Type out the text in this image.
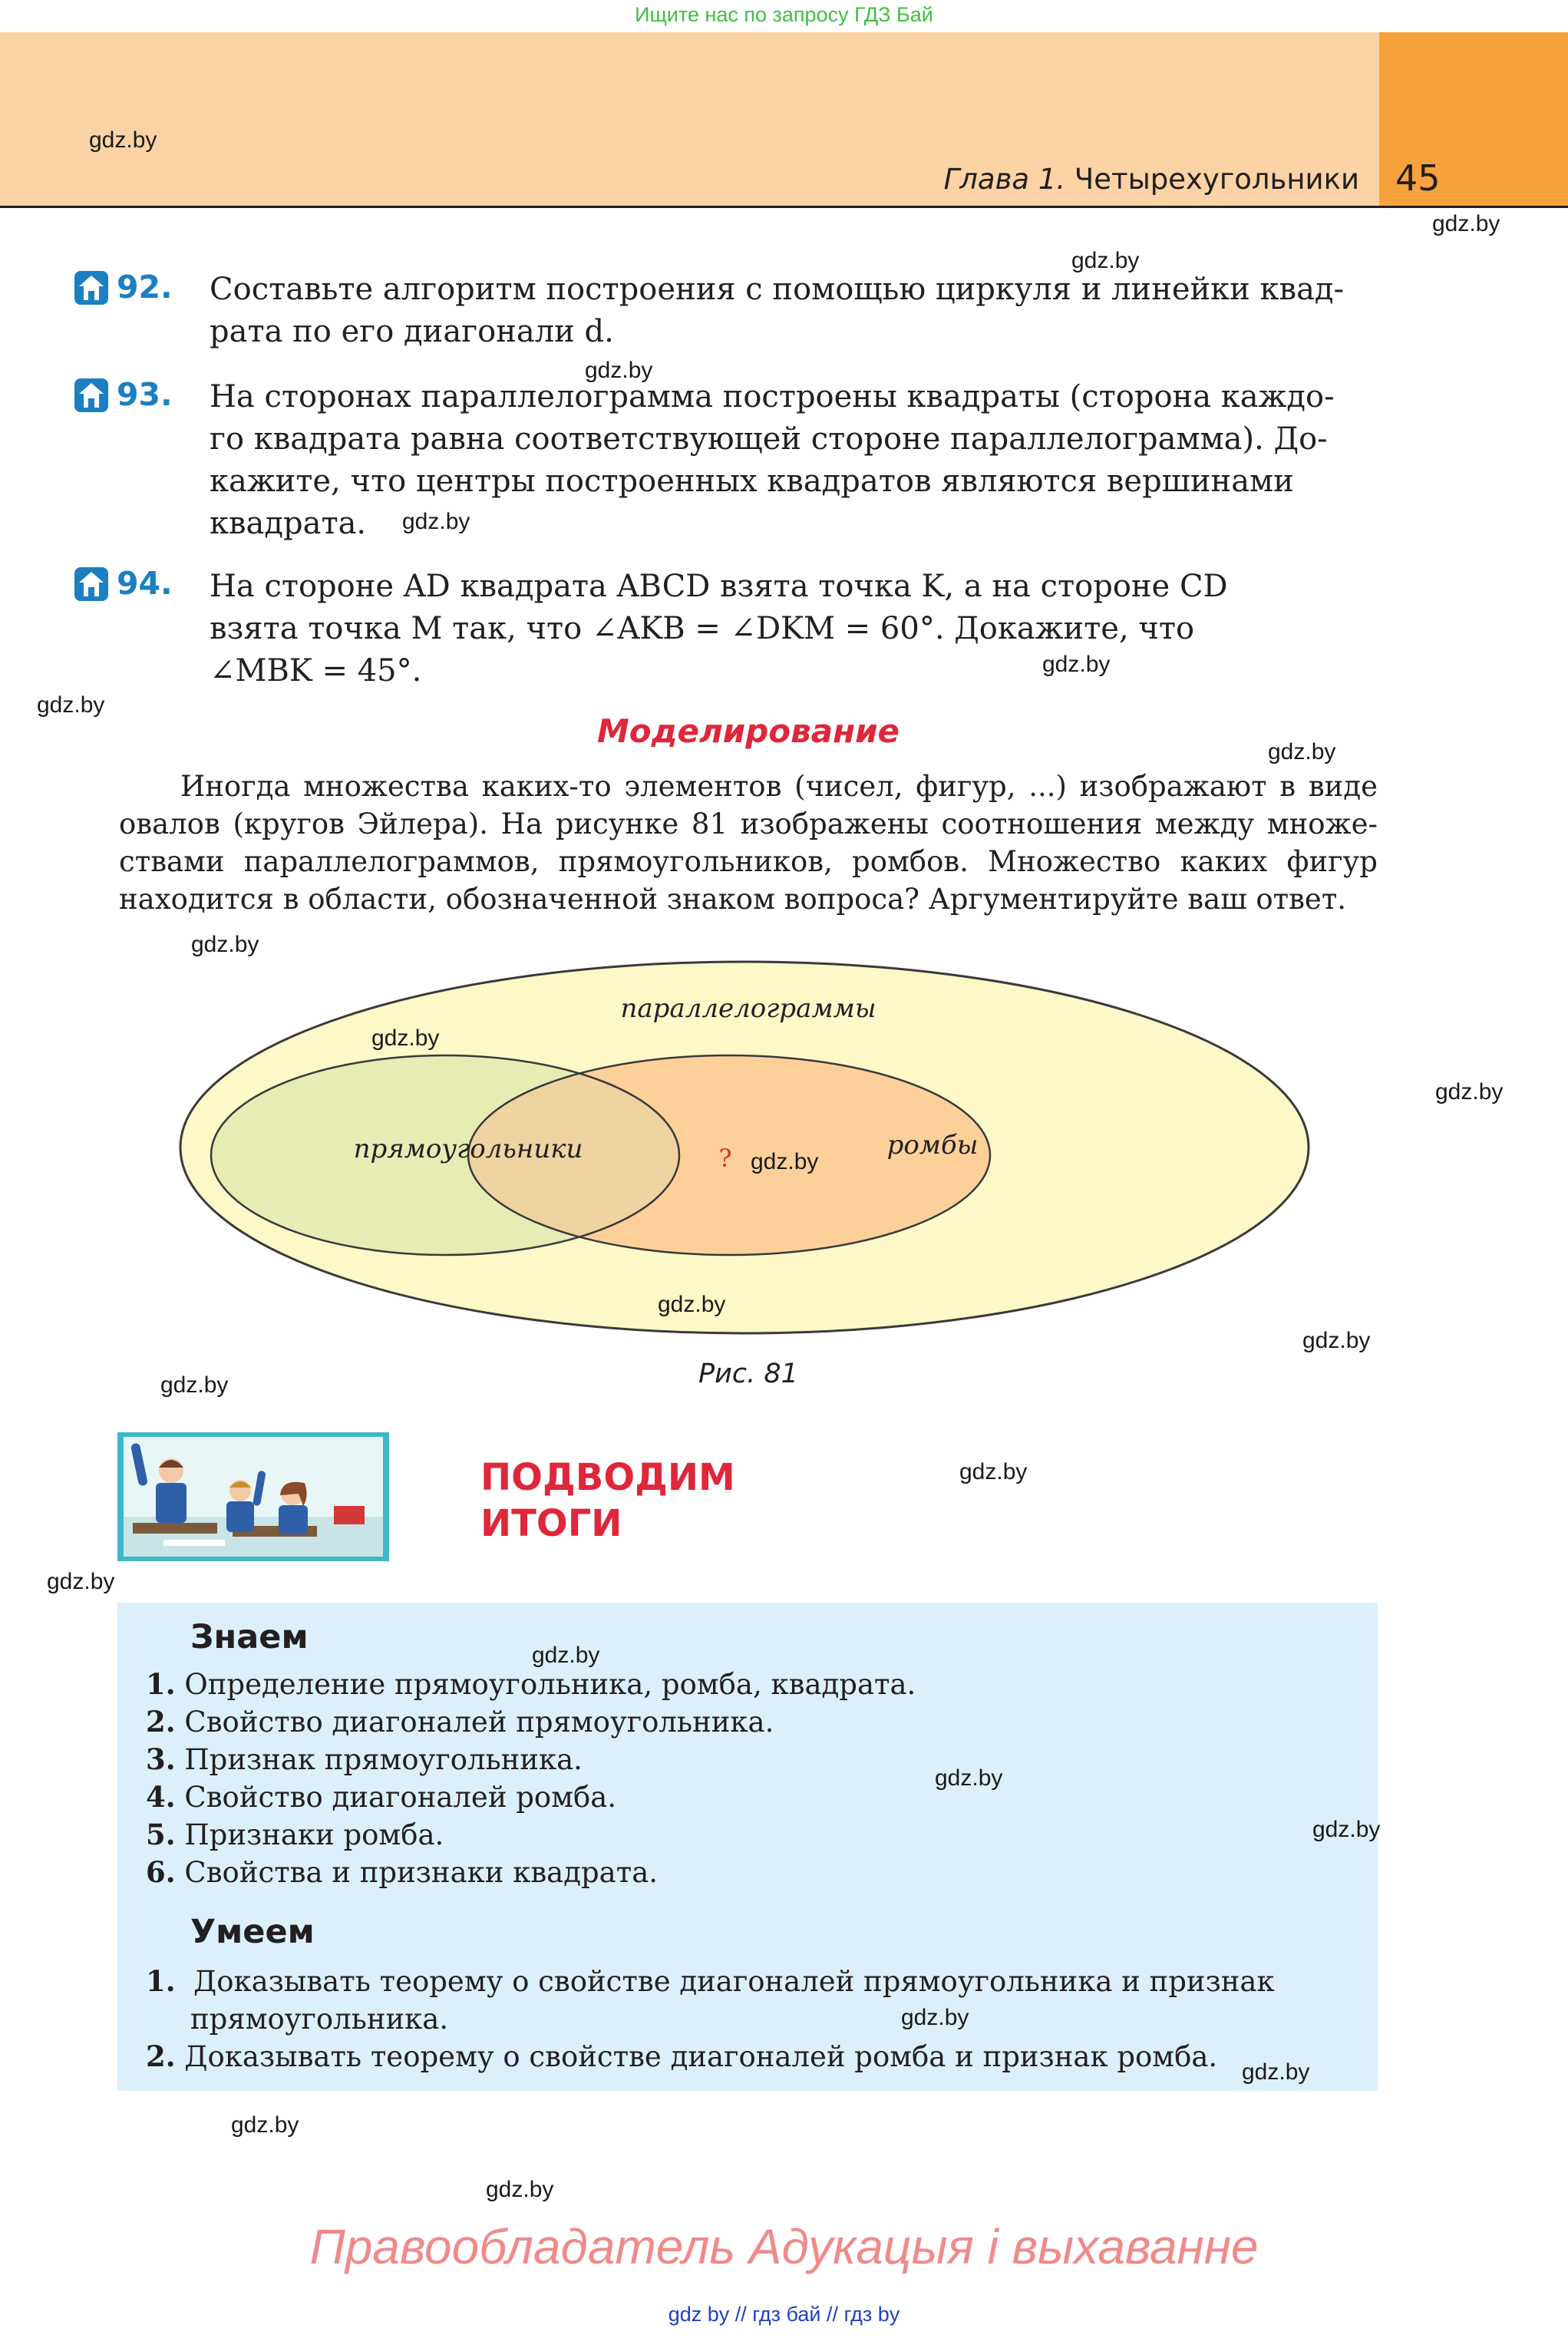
Ищите нас по запросу ГДЗ Бай
Глава 1. Четырехугольники 45
92. Составьте алгоритм построения с помощью циркуля и линейки квад-
рата по его диагонали d.
93. На сторонах параллелограмма построены квадраты (сторона каждо-
го квадрата равна соответствующей стороне параллелограмма). До-
кажите, что центры построенных квадратов являются вершинами
квадрата.
94. На стороне AD квадрата ABCD взята точка K, а на стороне CD
взята точка M так, что ∠AKB = ∠DKM = 60°. Докажите, что
∠MBK = 45°.
Моделирование
Иногда множества каких-то элементов (чисел, фигур, ...) изображают в виде овалов (кругов Эйлера). На рисунке 81 изображены соотношения между множе- ствами параллелограммов, прямоугольников, ромбов. Множество каких фигур находится в области, обозначенной знаком вопроса? Аргументируйте ваш ответ.
параллелограммы
прямоугольники	ромбы
?
Рис. 81
ПОДВОДИМ
ИТОГИ
Знаем
1. Определение прямоугольника, ромба, квадрата.
2. Свойство диагоналей прямоугольника.
3. Признак прямоугольника.
4. Свойство диагоналей ромба.
5. Признаки ромба.
6. Свойства и признаки квадрата.
Умеем
1. Доказывать теорему о свойстве диагоналей прямоугольника и признак
прямоугольника.
2. Доказывать теорему о свойстве диагоналей ромба и признак ромба.
gdz.by
gdz.by
gdz.by
gdz.by
gdz.by
gdz.by
gdz.by
gdz.by
gdz.by
gdz.by
gdz.by
gdz.by
gdz.by
gdz.by
gdz.by
gdz.by
gdz.by
gdz.by
gdz.by
gdz.by
gdz.by
gdz.by
gdz.by
gdz.by
Правообладатель Адукацыя і выхаванне
gdz by // гдз бай // гдз by
